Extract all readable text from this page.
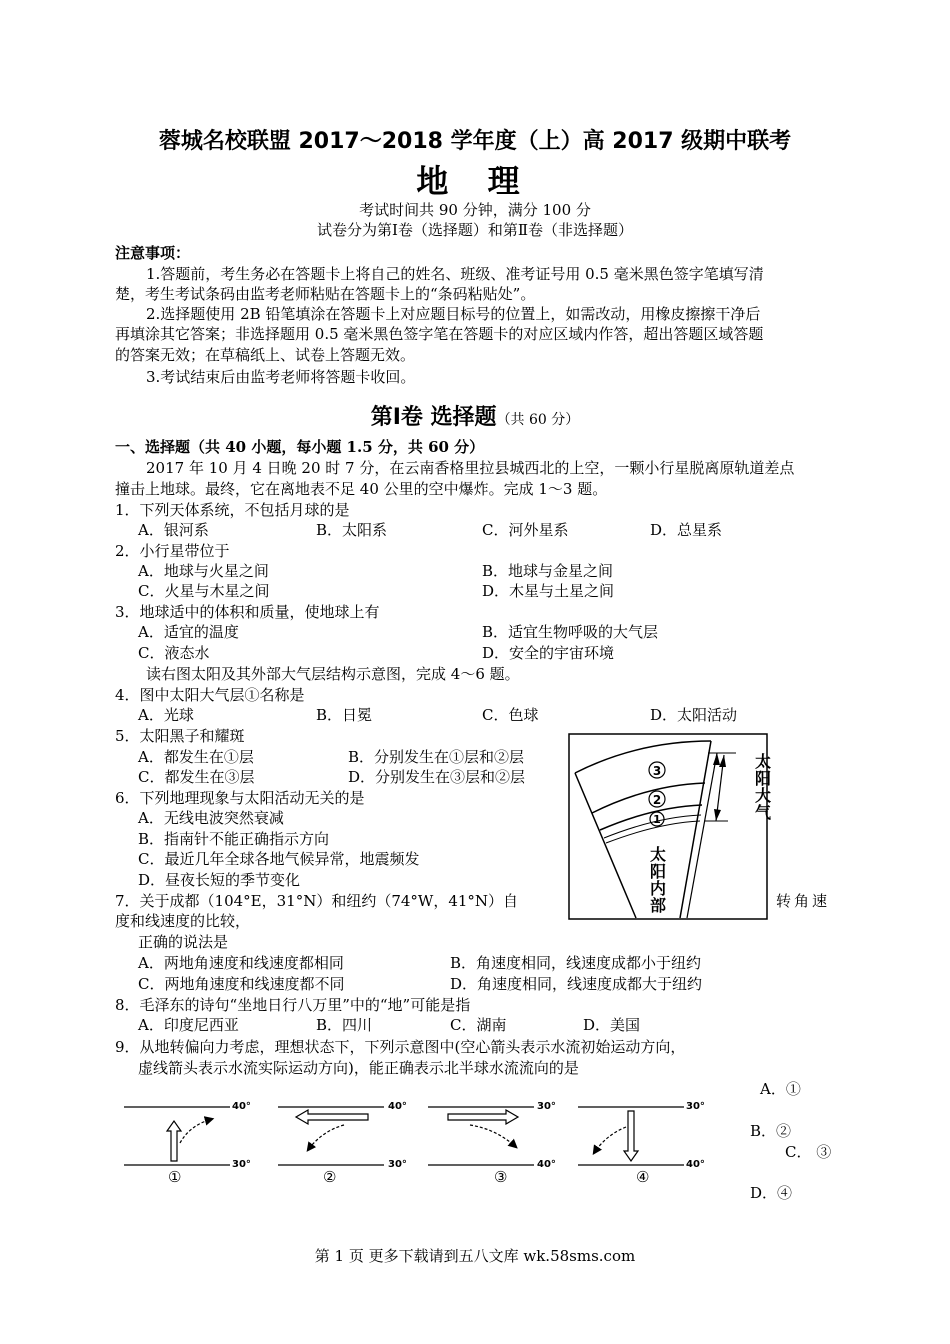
蓉城名校联盟 2017～2018 学年度（上）高 2017 级期中联考
地 理
考试时间共 90 分钟，满分 100 分
试卷分为第Ⅰ卷（选择题）和第Ⅱ卷（非选择题）
注意事项：
1.答题前，考生务必在答题卡上将自己的姓名、班级、准考证号用 0.5 毫米黑色签字笔填写清
楚，考生考试条码由监考老师粘贴在答题卡上的“条码粘贴处”。
2.选择题使用 2B 铅笔填涂在答题卡上对应题目标号的位置上，如需改动，用橡皮擦擦干净后
再填涂其它答案；非选择题用 0.5 毫米黑色签字笔在答题卡的对应区域内作答，超出答题区域答题
的答案无效；在草稿纸上、试卷上答题无效。
3.考试结束后由监考老师将答题卡收回。
第Ⅰ卷 选择题（共 60 分）
一、选择题（共 40 小题，每小题 1.5 分，共 60 分）
2017 年 10 月 4 日晚 20 时 7 分，在云南香格里拉县城西北的上空，一颗小行星脱离原轨道差点
撞击上地球。最终，它在离地表不足 40 公里的空中爆炸。完成 1～3 题。
1．下列天体系统，不包括月球的是
A．银河系	B．太阳系	C．河外星系	D．总星系
2．小行星带位于
A．地球与火星之间	B．地球与金星之间
C．火星与木星之间	D．木星与土星之间
3．地球适中的体积和质量，使地球上有
A．适宜的温度	B．适宜生物呼吸的大气层
C．液态水	D．安全的宇宙环境
读右图太阳及其外部大气层结构示意图，完成 4～6 题。
4．图中太阳大气层①名称是
A．光球	B．日冕	C．色球	D．太阳活动
5．太阳黑子和耀斑
A．都发生在①层	B．分别发生在①层和②层
C．都发生在③层	D．分别发生在③层和②层
6．下列地理现象与太阳活动无关的是
A．无线电波突然衰减
B．指南针不能正确指示方向
C．最近几年全球各地气候异常，地震频发
D．昼夜长短的季节变化
7．关于成都（104°E，31°N）和纽约（74°W，41°N）自	转角速
度和线速度的比较，
正确的说法是
A．两地角速度和线速度都相同	B．角速度相同，线速度成都小于纽约
C．两地角速度和线速度都不同	D．角速度相同，线速度成都大于纽约
8．毛泽东的诗句“坐地日行八万里”中的“地”可能是指
A．印度尼西亚	B．四川	C．湖南	D．美国
9．从地转偏向力考虑，理想状态下，下列示意图中(空心箭头表示水流初始运动方向，
虚线箭头表示水流实际运动方向)，能正确表示北半球水流流向的是
A．①
B．②
C． ③
D．④
3
2
1
太阳大气
太阳内部
40°
30°
①
40°
30°
②
30°
40°
③
30°
40°
④
第 1 页 更多下载请到五八文库 wk.58sms.com
